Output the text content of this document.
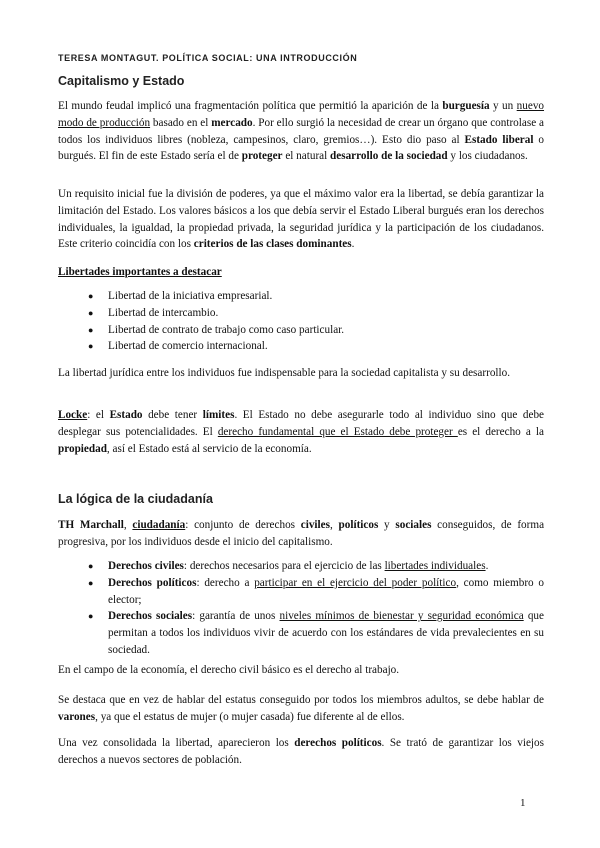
TERESA MONTAGUT. POLÍTICA SOCIAL: UNA INTRODUCCIÓN
Capitalismo y Estado

El mundo feudal implicó una fragmentación política que permitió la aparición de la burguesía y un nuevo modo de producción basado en el mercado. Por ello surgió la necesidad de crear un órgano que controlase a todos los individuos libres (nobleza, campesinos, claro, gremios…). Esto dio paso al Estado liberal o burgués. El fin de este Estado sería el de proteger el natural desarrollo de la sociedad y los ciudadanos.

Un requisito inicial fue la división de poderes, ya que el máximo valor era la libertad, se debía garantizar la limitación del Estado. Los valores básicos a los que debía servir el Estado Liberal burgués eran los derechos individuales, la igualdad, la propiedad privada, la seguridad jurídica y la participación de los ciudadanos. Este criterio coincidía con los criterios de las clases dominantes.

Libertades importantes a destacar
● Libertad de la iniciativa empresarial.
● Libertad de intercambio.
● Libertad de contrato de trabajo como caso particular.
● Libertad de comercio internacional.

La libertad jurídica entre los individuos fue indispensable para la sociedad capitalista y su desarrollo.

Locke: el Estado debe tener límites. El Estado no debe asegurarle todo al individuo sino que debe desplegar sus potencialidades. El derecho fundamental que el Estado debe proteger es el derecho a la propiedad, así el Estado está al servicio de la economía.

La lógica de la ciudadanía

TH Marchall, ciudadanía: conjunto de derechos civiles, políticos y sociales conseguidos, de forma progresiva, por los individuos desde el inicio del capitalismo.

● Derechos civiles: derechos necesarios para el ejercicio de las libertades individuales.
● Derechos políticos: derecho a participar en el ejercicio del poder político, como miembro o elector;
● Derechos sociales: garantía de unos niveles mínimos de bienestar y seguridad económica que permitan a todos los individuos vivir de acuerdo con los estándares de vida prevalecientes en su sociedad.

En el campo de la economía, el derecho civil básico es el derecho al trabajo.

Se destaca que en vez de hablar del estatus conseguido por todos los miembros adultos, se debe hablar de varones, ya que el estatus de mujer (o mujer casada) fue diferente al de ellos.

Una vez consolidada la libertad, aparecieron los derechos políticos. Se trató de garantizar los viejos derechos a nuevos sectores de población.

1
